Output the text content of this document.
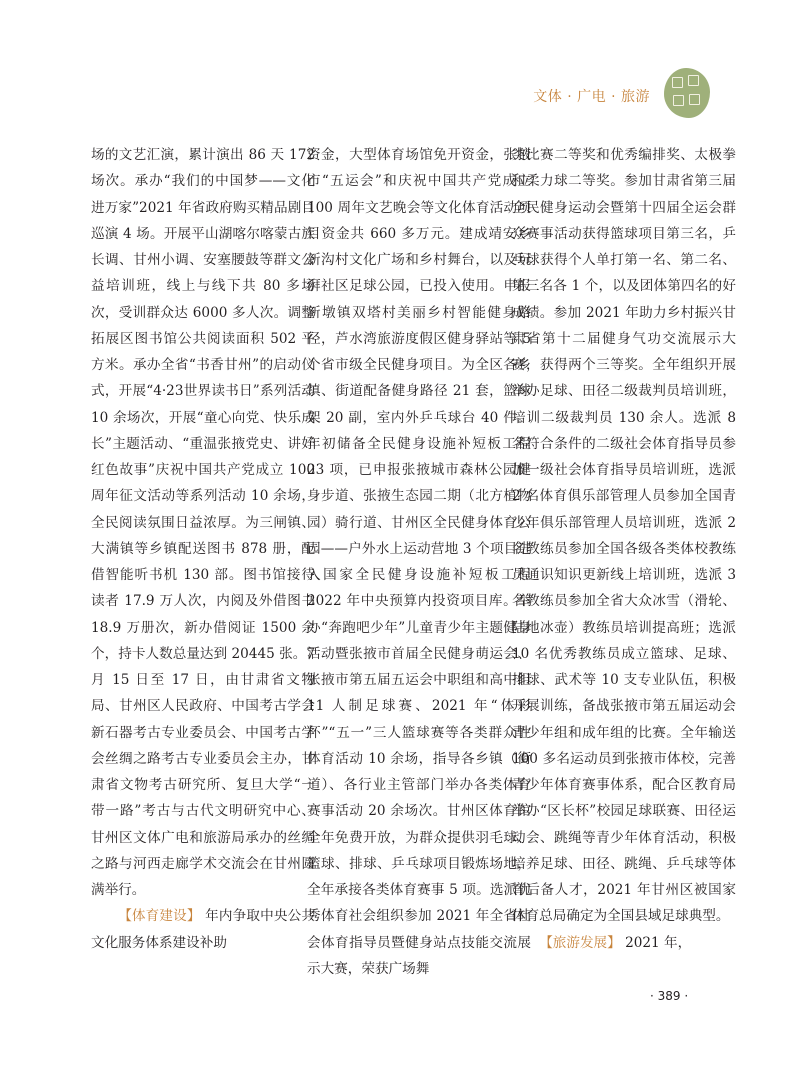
文体 · 广电 · 旅游

场的文艺汇演，累计演出 86 天 172 场次。承办“我们的中国梦——文化进万家”2021 年省政府购买精品剧目巡演 4 场。开展平山湖喀尔喀蒙古族长调、甘州小调、安塞腰鼓等群文公益培训班，线上与线下共 80 多场次，受训群众达 6000 多人次。调整拓展区图书馆公共阅读面积 502 平方米。承办全省“书香甘州”的启动仪式，开展“4·23世界读书日”系列活动 10 余场次，开展“童心向党、快乐成长”主题活动、“重温张掖党史、讲好红色故事”庆祝中国共产党成立 100 周年征文活动等系列活动 10 余场，全民阅读氛围日益浓厚。为三闸镇、大满镇等乡镇配送图书 878 册，配借智能听书机 130 部。图书馆接待读者 17.9 万人次，内阅及外借图书 18.9 万册次，新办借阅证 1500 余个，持卡人数总量达到 20445 张。7 月 15 日至 17 日，由甘肃省文物局、甘州区人民政府、中国考古学会新石器考古专业委员会、中国考古学会丝绸之路考古专业委员会主办，甘肃省文物考古研究所、复旦大学“一带一路”考古与古代文明研究中心、甘州区文体广电和旅游局承办的丝绸之路与河西走廊学术交流会在甘州圆满举行。

【体育建设】 年内争取中央公共文化服务体系建设补助

资金，大型体育场馆免开资金，张掖市“五运会”和庆祝中国共产党成立 100 周年文艺晚会等文化体育活动项目资金共 660 多万元。建成靖安乡新沟村文化广场和乡村舞台，以及玩湃社区足球公园，已投入使用。申报新墩镇双塔村美丽乡村智能健身路径，芦水湾旅游度假区健身驿站等 5 个省市级全民健身项目。为全区各乡镇、街道配备健身路径 21 套，篮球架 20 副，室内外乒乓球台 40 件。年初储备全民健身设施补短板工程 23 项，已申报张掖城市森林公园健身步道、张掖生态园二期（北方植物园）骑行道、甘州区全民健身体育公园——户外水上运动营地 3 个项目进入国家全民健身设施补短板工程 2022 年中央预算内投资项目库。举办“奔跑吧少年”儿童青少年主题健身活动暨张掖市首届全民健身萌运会、张掖市第五届五运会中职组和高中组 11 人制足球赛、2021 年“体彩杯”“五一”三人篮球赛等各类群众性体育活动 10 余场，指导各乡镇（街道）、各行业主管部门举办各类体育赛事活动 20 余场次。甘州区体育馆全年免费开放，为群众提供羽毛球、篮球、排球、乒乓球项目锻炼场地，全年承接各类体育赛事 5 项。选派优秀体育社会组织参加 2021 年全省社会体育指导员暨健身站点技能交流展示大赛，荣获广场舞

类比赛二等奖和优秀编排奖、太极拳和柔力球二等奖。参加甘肃省第三届全民健身运动会暨第十四届全运会群众赛事活动获得篮球项目第三名，乒乓球获得个人单打第一名、第二名、第三名各 1 个，以及团体第四名的好成绩。参加 2021 年助力乡村振兴甘肃省第十二届健身气功交流展示大赛，获得两个三等奖。全年组织开展举办足球、田径二级裁判员培训班，培训二级裁判员 130 余人。选派 8 名符合条件的二级社会体育指导员参加一级社会体育指导员培训班，选派 2 名体育俱乐部管理人员参加全国青少年俱乐部管理人员培训班，选派 2 名教练员参加全国各级各类体校教练员通识知识更新线上培训班，选派 3 名教练员参加全省大众冰雪（滑轮、陆地冰壶）教练员培训提高班；选派 10 名优秀教练员成立篮球、足球、排球、武术等 10 支专业队伍，积极开展训练，备战张掖市第五届运动会青少年组和成年组的比赛。全年输送 100 多名运动员到张掖市体校，完善青少年体育赛事体系，配合区教育局举办“区长杯”校园足球联赛、田径运动会、跳绳等青少年体育活动，积极培养足球、田径、跳绳、乒乓球等体育后备人才，2021 年甘州区被国家体育总局确定为全国县域足球典型。

【旅游发展】 2021 年，

· 389 ·
